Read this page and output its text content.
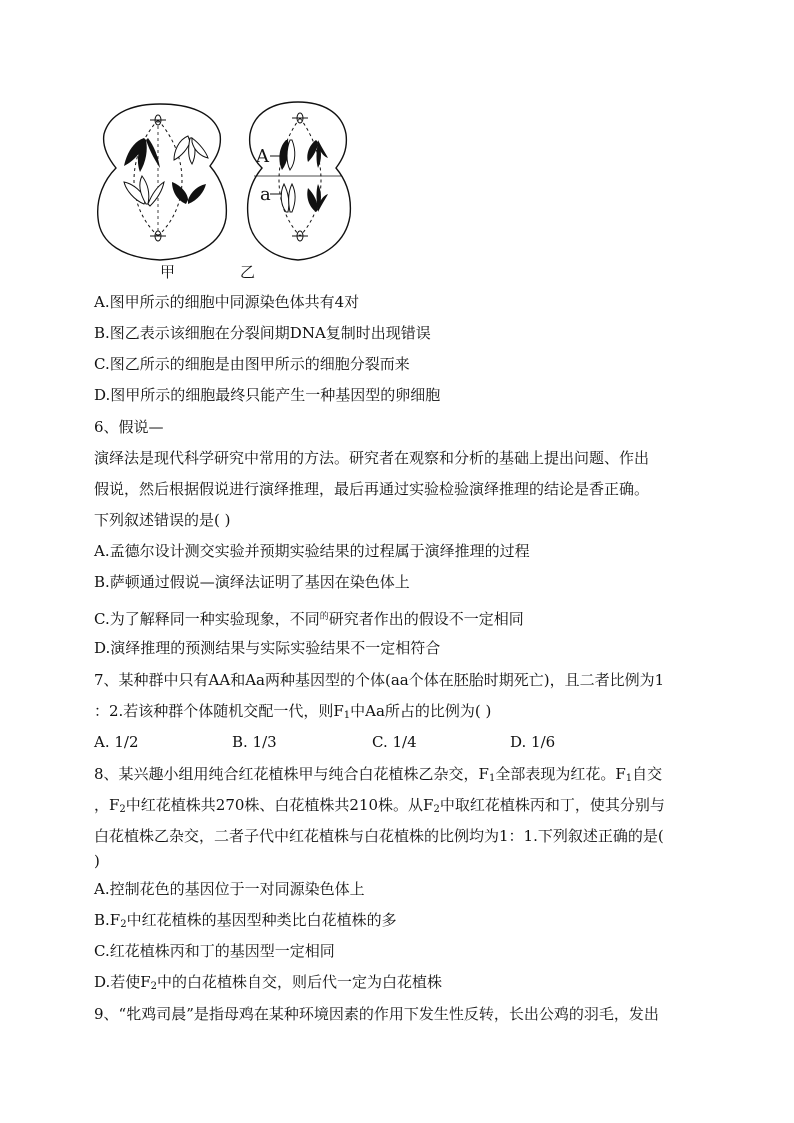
A
a
甲	乙
A.图甲所示的细胞中同源染色体共有4对
B.图乙表示该细胞在分裂间期DNA复制时出现错误
C.图乙所示的细胞是由图甲所示的细胞分裂而来
D.图甲所示的细胞最终只能产生一种基因型的卵细胞
6、假说—
演绎法是现代科学研究中常用的方法。研究者在观察和分析的基础上提出问题、作出
假说，然后根据假说进行演绎推理，最后再通过实验检验演绎推理的结论是香正确。
下列叙述错误的是( )
A.孟德尔设计测交实验并预期实验结果的过程属于演绎推理的过程
B.萨顿通过假说—演绎法证明了基因在染色体上
C.为了解释同一种实验现象，不同$^的$研究者作出的假设不一定相同
D.演绎推理的预测结果与实际实验结果不一定相符合
7、某种群中只有AA和Aa两种基因型的个体(aa个体在胚胎时期死亡)，且二者比例为1
：2.若该种群个体随机交配一代，则$F_1$中Aa所占的比例为( )
A. 1/2	B. 1/3	C. 1/4	D. 1/6
8、某兴趣小组用纯合红花植株甲与纯合白花植株乙杂交，$F_1$全部表现为红花。$F_1$自交
，$F_2$中红花植株共270株、白花植株共210株。从$F_2$中取红花植株丙和丁，使其分别与
白花植株乙杂交，二者子代中红花植株与白花植株的比例均为1：1.下列叙述正确的是(
)
A.控制花色的基因位于一对同源染色体上
$B.F_2$中红花植株的基因型种类比白花植株的多
C.红花植株丙和丁的基因型一定相同
D.若使$F_2$中的白花植株自交，则后代一定为白花植株
9、“牝鸡司晨”是指母鸡在某种环境因素的作用下发生性反转，长出公鸡的羽毛，发出
